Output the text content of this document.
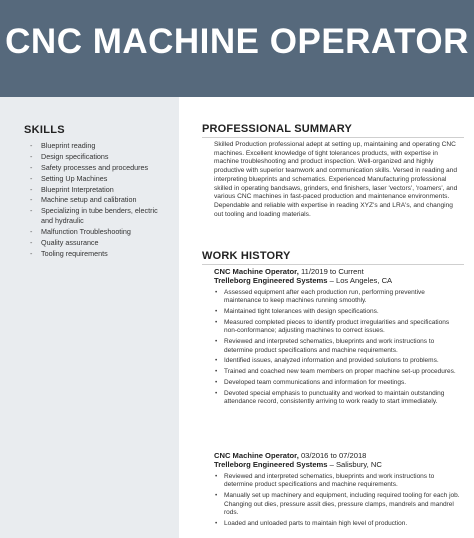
CNC MACHINE OPERATOR
SKILLS
- Blueprint reading
- Design specifications
- Safety processes and procedures
- Setting Up Machines
- Blueprint Interpretation
- Machine setup and calibration
- Specializing in tube benders, electric and hydraulic
- Malfunction Troubleshooting
- Quality assurance
- Tooling requirements
PROFESSIONAL SUMMARY

Skilled Production professional adept at setting up, maintaining and operating CNC machines. Excellent knowledge of tight tolerances products, with expertise in machine troubleshooting and product inspection. Well-organized and highly productive with superior teamwork and communication skills. Versed in reading and interpreting blueprints and schematics. Experienced Manufacturing professional skilled in operating bandsaws, grinders, end finishers, laser 'vectors', 'roamers', and various CNC machines in fast-paced production and maintenance environments. Dependable and reliable with expertise in reading XYZ's and LRA's, and changing out tooling and loading materials.

WORK HISTORY
CNC Machine Operator, 11/2019 to Current
Trelleborg Engineered Systems – Los Angeles, CA
• Assessed equipment after each production run, performing preventive maintenance to keep machines running smoothly.
• Maintained tight tolerances with design specifications.
• Measured completed pieces to identify product irregularities and specifications non-conformance; adjusting machines to correct issues.
• Reviewed and interpreted schematics, blueprints and work instructions to determine product specifications and machine requirements.
• Identified issues, analyzed information and provided solutions to problems.
• Trained and coached new team members on proper machine set-up procedures.
• Developed team communications and information for meetings.
• Devoted special emphasis to punctuality and worked to maintain outstanding attendance record, consistently arriving to work ready to start immediately.
CNC Machine Operator, 03/2016 to 07/2018
Trelleborg Engineered Systems – Salisbury, NC
• Reviewed and interpreted schematics, blueprints and work instructions to determine product specifications and machine requirements.
• Manually set up machinery and equipment, including required tooling for each job. Changing out dies, pressure assit dies, pressure clamps, mandrels and mandrel rods.
• Loaded and unloaded parts to maintain high level of production.
